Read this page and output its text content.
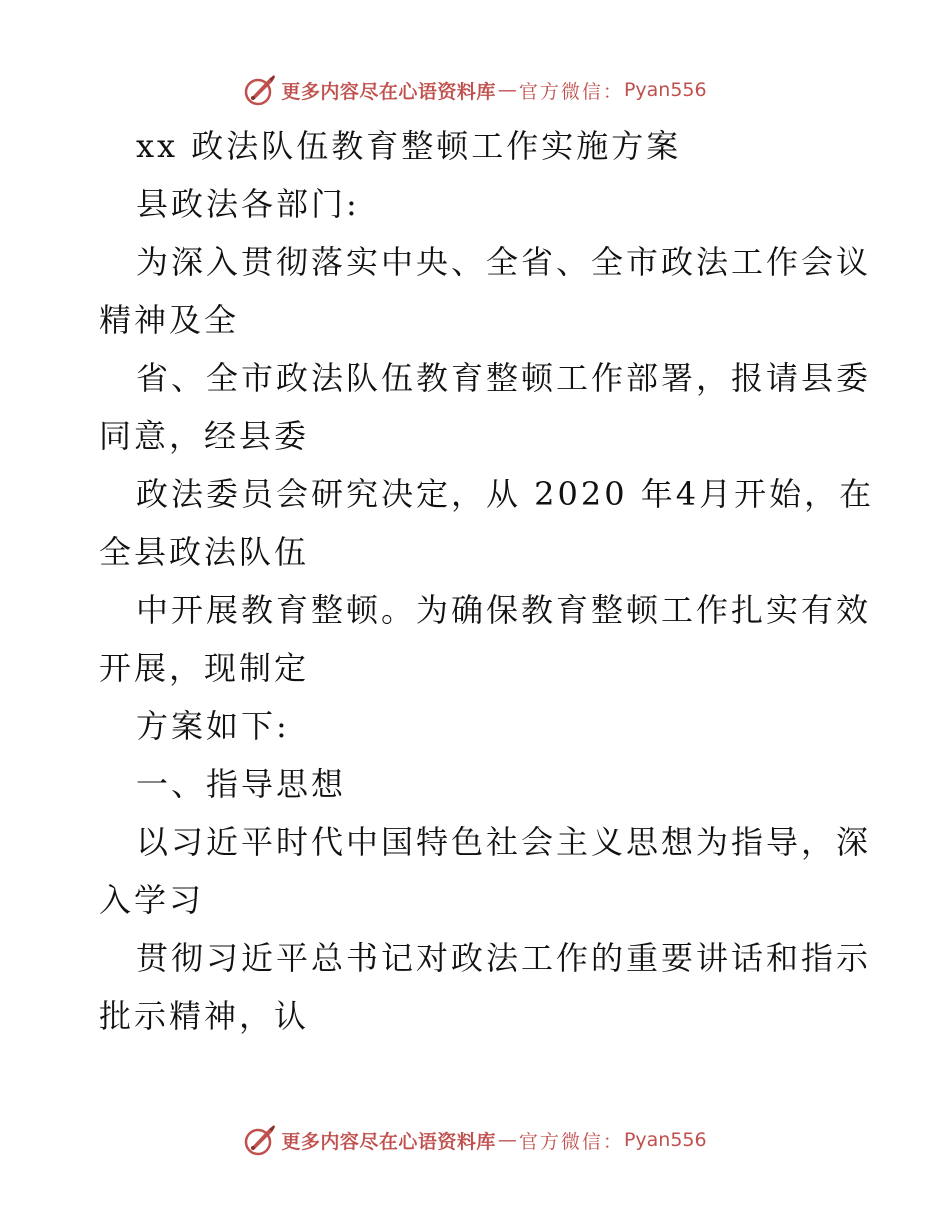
更多内容尽在心语资料库 — 官方微信： Pyan556
xx 政法队伍教育整顿工作实施方案
县政法各部门:
为深入贯彻落实中央、全省、全市政法工作会议
精神及全
省、全市政法队伍教育整顿工作部署，报请县委
同意，经县委
政法委员会研究决定，从 2020 年4月开始，在
全县政法队伍
中开展教育整顿。为确保教育整顿工作扎实有效
开展，现制定
方案如下:
一、指导思想
以习近平时代中国特色社会主义思想为指导，深
入学习
贯彻习近平总书记对政法工作的重要讲话和指示
批示精神，认
更多内容尽在心语资料库 — 官方微信： Pyan556
